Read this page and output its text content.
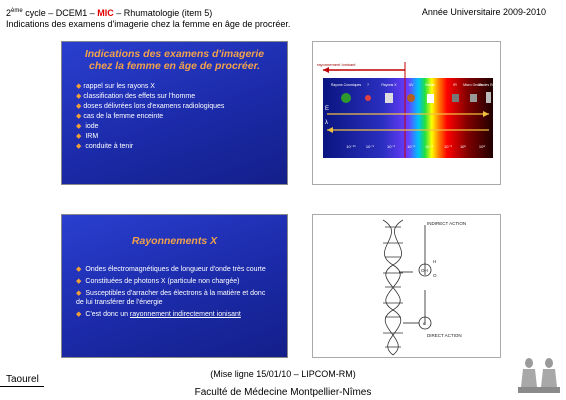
2ème cycle – DCEM1 – MIC – Rhumatologie (item 5)
Indications des examens d'imagerie chez la femme en âge de procréer.
Année Universitaire 2009-2010
Indications des examens d'imagerie chez la femme en âge de procréer.
◆ rappel sur les rayons X
◆ classification des effets sur l'homme
◆ doses délivrées lors d'examens radiologiques
◆ cas de la femme enceinte
◆ iode
◆ IRM
◆ conduite à tenir
rayonnement Ionisant
Rayons Cosmiques ?	Rayons X	UV	Visible	IR Micro Ondes
Ondes Radio
λ
E
10⁻¹⁶	10⁻⁹	10⁻²	10⁻²	10⁻²	10⁻² 10⁵	10⁸
Rayonnements X
◆ Ondes électromagnétiques de longueur d'onde très courte
◆ Constituées de photons X (particule non chargée)
◆ Susceptibles d'arracher des électrons à la matière et donc de lui transférer de l'énergie
◆ C'est donc un rayonnement indirectement ionisant
INDIRECT ACTION
DIRECT ACTION
OH
H
O
e
Taourel	(Mise ligne 15/01/10 – LIPCOM-RM)
Faculté de Médecine Montpellier-Nîmes
